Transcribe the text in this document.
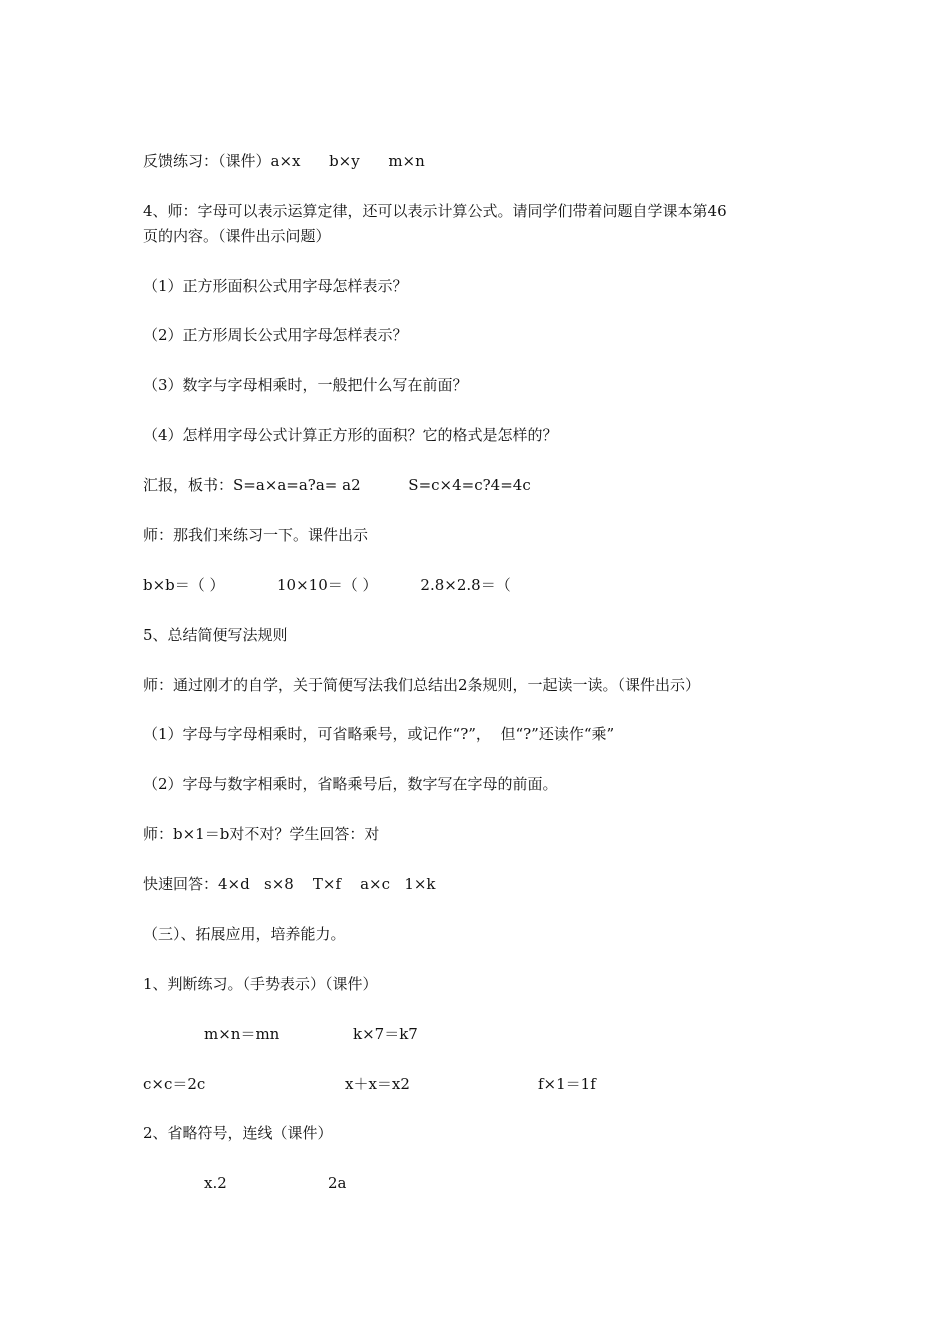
反馈练习：（课件）a×x      b×y      m×n
4、师：字母可以表示运算定律，还可以表示计算公式。请同学们带着问题自学课本第46
页的内容。（课件出示问题）
（1）正方形面积公式用字母怎样表示？
（2）正方形周长公式用字母怎样表示？
（3）数字与字母相乘时，一般把什么写在前面？
（4）怎样用字母公式计算正方形的面积？它的格式是怎样的？
汇报，板书：S=a×a=a?a= a2          S=c×4=c?4=4c
师：那我们来练习一下。课件出示
b×b＝（ ）           10×10＝（ ）         2.8×2.8＝（
5、总结简便写法规则
师：通过刚才的自学，关于简便写法我们总结出2条规则，一起读一读。（课件出示）
（1）字母与字母相乘时，可省略乘号，或记作“?”，  但“?”还读作“乘”
（2）字母与数字相乘时，省略乘号后，数字写在字母的前面。
师：b×1＝b对不对？学生回答：对
快速回答：4×d   s×8    T×f    a×c   1×k
（三）、拓展应用，培养能力。
1、判断练习。（手势表示）（课件）
m×n＝mn	k×7＝k7
c×c＝2c	x＋x＝x2	f×1＝1f
2、省略符号，连线（课件）
x.2	2a
